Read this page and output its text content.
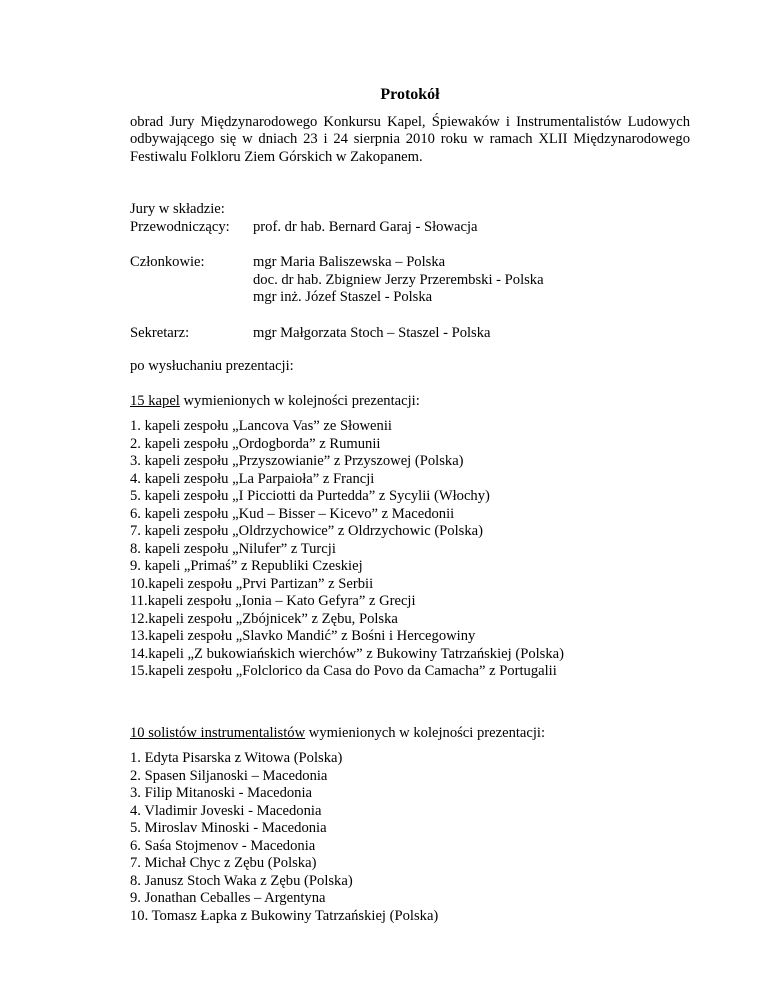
Protokół

obrad Jury Międzynarodowego Konkursu Kapel, Śpiewaków i Instrumentalistów Ludowych odbywającego się w dniach 23 i 24 sierpnia 2010 roku w ramach XLII Międzynarodowego Festiwalu Folkloru Ziem Górskich w Zakopanem.

Jury w składzie:
Przewodniczący:	prof. dr hab. Bernard Garaj - Słowacja
Członkowie:	mgr Maria Baliszewska – Polska
doc. dr hab. Zbigniew Jerzy Przerembski - Polska
mgr inż. Józef Staszel - Polska
Sekretarz:	mgr Małgorzata Stoch – Staszel - Polska
po wysłuchaniu prezentacji:
15 kapel wymienionych w kolejności prezentacji:
1. kapeli zespołu „Lancova Vas” ze Słowenii
2. kapeli zespołu „Ordogborda” z Rumunii
3. kapeli zespołu „Przyszowianie” z Przyszowej (Polska)
4. kapeli zespołu „La Parpaioła” z Francji
5. kapeli zespołu „I Picciotti da Purtedda” z Sycylii (Włochy)
6. kapeli zespołu „Kud – Bisser – Kicevo” z Macedonii
7. kapeli zespołu „Oldrzychowice” z Oldrzychowic (Polska)
8. kapeli zespołu „Nilufer” z Turcji
9. kapeli „Primaś” z Republiki Czeskiej
10.kapeli zespołu „Prvi Partizan” z Serbii
11.kapeli zespołu „Ionia – Kato Gefyra” z Grecji
12.kapeli zespołu „Zbójnicek” z Zębu, Polska
13.kapeli zespołu „Slavko Mandić” z Bośni i Hercegowiny
14.kapeli „Z bukowiańskich wierchów” z Bukowiny Tatrzańskiej (Polska)
15.kapeli zespołu „Folclorico da Casa do Povo da Camacha” z Portugalii
10 solistów instrumentalistów wymienionych w kolejności prezentacji:
1. Edyta Pisarska z Witowa (Polska)
2. Spasen Siljanoski – Macedonia
3. Filip Mitanoski - Macedonia
4. Vladimir Joveski - Macedonia
5. Miroslav Minoski - Macedonia
6. Saśa Stojmenov - Macedonia
7. Michał Chyc z Zębu (Polska)
8. Janusz Stoch Waka z Zębu (Polska)
9. Jonathan Ceballes – Argentyna
10. Tomasz Łapka z Bukowiny Tatrzańskiej (Polska)
